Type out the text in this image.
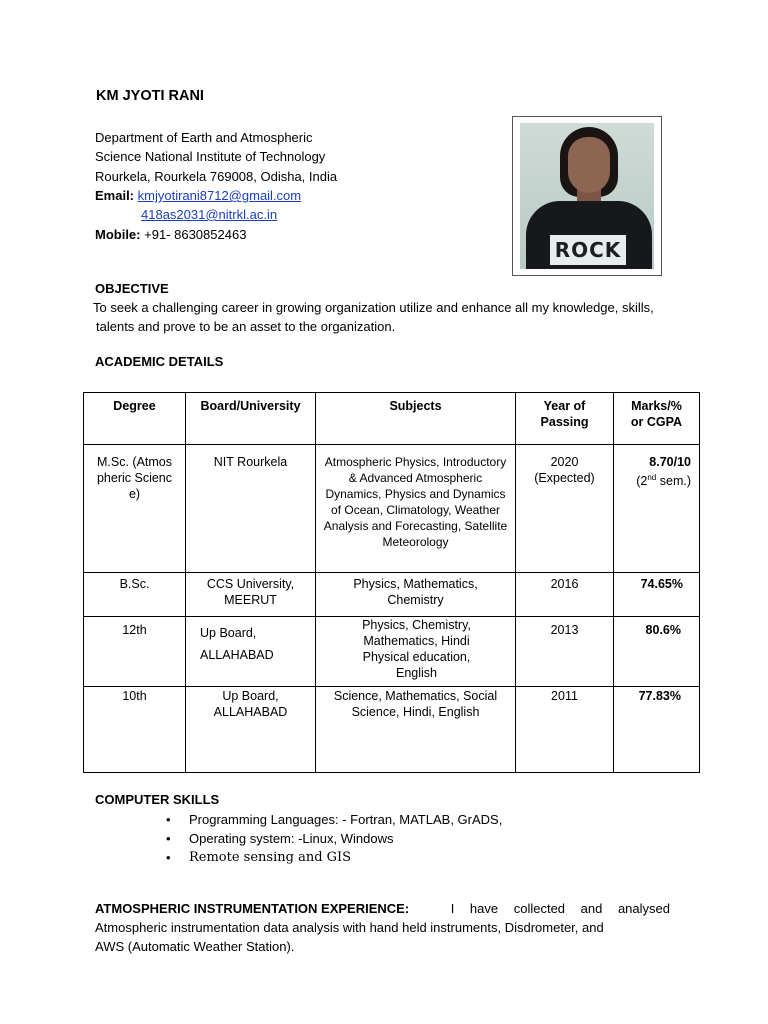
KM JYOTI RANI
Department of Earth and Atmospheric
Science National Institute of Technology
Rourkela, Rourkela 769008, Odisha, India
Email: kmjyotirani8712@gmail.com
418as2031@nitrkl.ac.in
Mobile: +91- 8630852463
ROCK
OBJECTIVE
To seek a challenging career in growing organization utilize and enhance all my knowledge, skills,
talents and prove to be an asset to the organization.
ACADEMIC DETAILS
Degree	Board/University	Subjects	Year of Passing	Marks/% or CGPA

M.Sc. (Atmospheric Science)	NIT Rourkela	Atmospheric Physics, Introductory & Advanced Atmospheric Dynamics, Physics and Dynamics of Ocean, Climatology, Weather Analysis and Forecasting, Satellite Meteorology	2020 (Expected)	8.70/10
(2nd sem.)

B.Sc.	CCS University, MEERUT	Physics, Mathematics, Chemistry	2016	74.65%

12th	Up Board, ALLAHABAD	Physics, Chemistry, Mathematics, Hindi Physical education, English	2013	80.6%

10th	Up Board, ALLAHABAD	Science, Mathematics, Social Science, Hindi, English	2011	77.83%
COMPUTER SKILLS
• Programming Languages: - Fortran, MATLAB, GrADS,
• Operating system: -Linux, Windows
• Remote sensing and GIS
ATMOSPHERIC INSTRUMENTATION EXPERIENCE:	I have collected and analysed
Atmospheric instrumentation data analysis with hand held instruments, Disdrometer, and
AWS (Automatic Weather Station).
